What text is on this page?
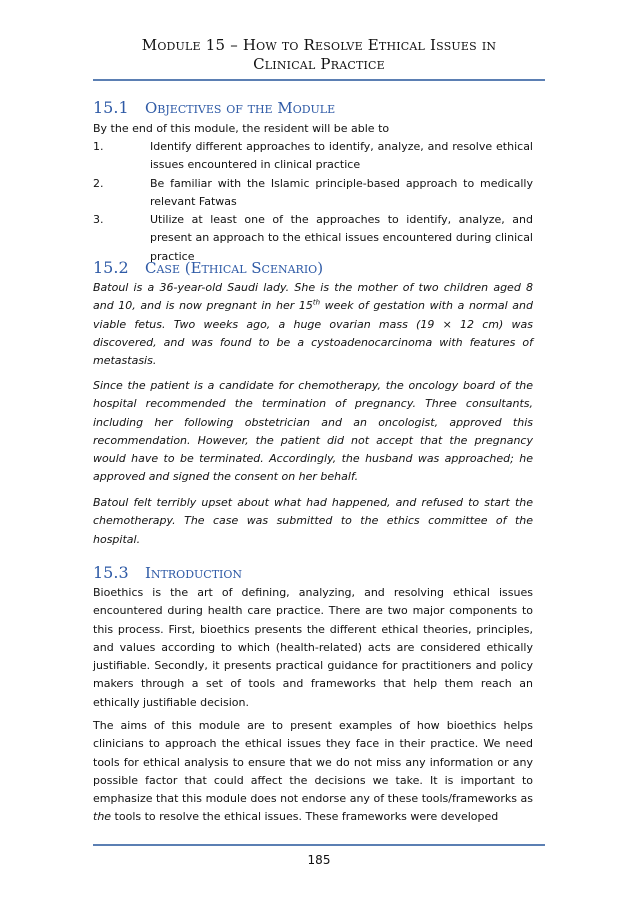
Module 15 – How to Resolve Ethical Issues in
Clinical Practice
15.1 Objectives of the Module

By the end of this module, the resident will be able to

1.	Identify different approaches to identify, analyze, and resolve ethical issues encountered in clinical practice
2.	Be familiar with the Islamic principle-based approach to medically relevant Fatwas
3.	Utilize at least one of the approaches to identify, analyze, and present an approach to the ethical issues encountered during clinical practice
15.2 Case (Ethical Scenario)

Batoul is a 36-year-old Saudi lady. She is the mother of two children aged 8 and 10, and is now pregnant in her 15th week of gestation with a normal and viable fetus. Two weeks ago, a huge ovarian mass (19 × 12 cm) was discovered, and was found to be a cystoadenocarcinoma with features of metastasis.

Since the patient is a candidate for chemotherapy, the oncology board of the hospital recommended the termination of pregnancy. Three consultants, including her following obstetrician and an oncologist, approved this recommendation. However, the patient did not accept that the pregnancy would have to be terminated. Accordingly, the husband was approached; he approved and signed the consent on her behalf.

Batoul felt terribly upset about what had happened, and refused to start the chemotherapy. The case was submitted to the ethics committee of the hospital.

15.3 Introduction

Bioethics is the art of defining, analyzing, and resolving ethical issues encountered during health care practice. There are two major components to this process. First, bioethics presents the different ethical theories, principles, and values according to which (health-related) acts are considered ethically justifiable. Secondly, it presents practical guidance for practitioners and policy makers through a set of tools and frameworks that help them reach an ethically justifiable decision.

The aims of this module are to present examples of how bioethics helps clinicians to approach the ethical issues they face in their practice. We need tools for ethical analysis to ensure that we do not miss any information or any possible factor that could affect the decisions we take. It is important to emphasize that this module does not endorse any of these tools/frameworks as the tools to resolve the ethical issues. These frameworks were developed

185
